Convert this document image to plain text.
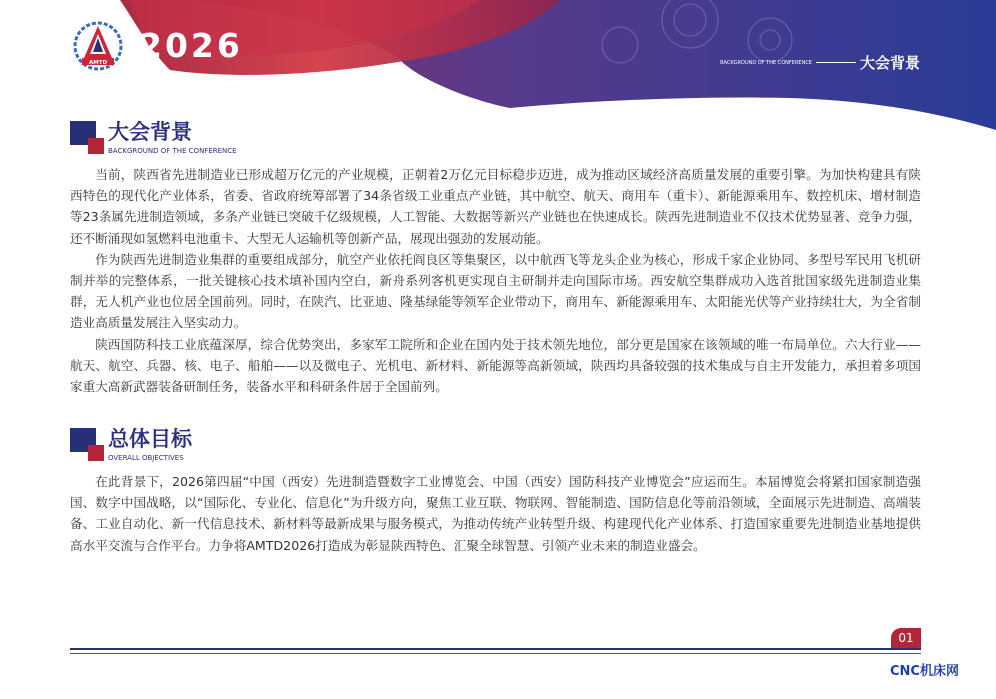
AMTD 2026	BACKGROUND OF THE CONFERENCE	大会背景
大会背景
BACKGROUND OF THE CONFERENCE

当前，陕西省先进制造业已形成超万亿元的产业规模，正朝着2万亿元目标稳步迈进，成为推动区域经济高质量发展的重要引擎。为加快构建具有陕西特色的现代化产业体系，省委、省政府统筹部署了34条省级工业重点产业链，其中航空、航天、商用车（重卡）、新能源乘用车、数控机床、增材制造等23条属先进制造领域，多条产业链已突破千亿级规模，人工智能、大数据等新兴产业链也在快速成长。陕西先进制造业不仅技术优势显著、竞争力强，还不断涌现如氢燃料电池重卡、大型无人运输机等创新产品，展现出强劲的发展动能。

作为陕西先进制造业集群的重要组成部分，航空产业依托阎良区等集聚区，以中航西飞等龙头企业为核心，形成千家企业协同、多型号军民用飞机研制并举的完整体系，一批关键核心技术填补国内空白，新舟系列客机更实现自主研制并走向国际市场。西安航空集群成功入选首批国家级先进制造业集群，无人机产业也位居全国前列。同时，在陕汽、比亚迪、隆基绿能等领军企业带动下，商用车、新能源乘用车、太阳能光伏等产业持续壮大，为全省制造业高质量发展注入坚实动力。

陕西国防科技工业底蕴深厚，综合优势突出，多家军工院所和企业在国内处于技术领先地位，部分更是国家在该领域的唯一布局单位。六大行业——航天、航空、兵器、核、电子、船舶——以及微电子、光机电、新材料、新能源等高新领域，陕西均具备较强的技术集成与自主开发能力，承担着多项国家重大高新武器装备研制任务，装备水平和科研条件居于全国前列。

总体目标
OVERALL OBJECTIVES

在此背景下，2026第四届“中国（西安）先进制造暨数字工业博览会、中国（西安）国防科技产业博览会”应运而生。本届博览会将紧扣国家制造强国、数字中国战略，以“国际化、专业化、信息化”为升级方向，聚焦工业互联、物联网、智能制造、国防信息化等前沿领域，全面展示先进制造、高端装备、工业自动化、新一代信息技术、新材料等最新成果与服务模式，为推动传统产业转型升级、构建现代化产业体系、打造国家重要先进制造业基地提供高水平交流与合作平台。力争将AMTD2026打造成为彰显陕西特色、汇聚全球智慧、引领产业未来的制造业盛会。

01
CNC机床网
